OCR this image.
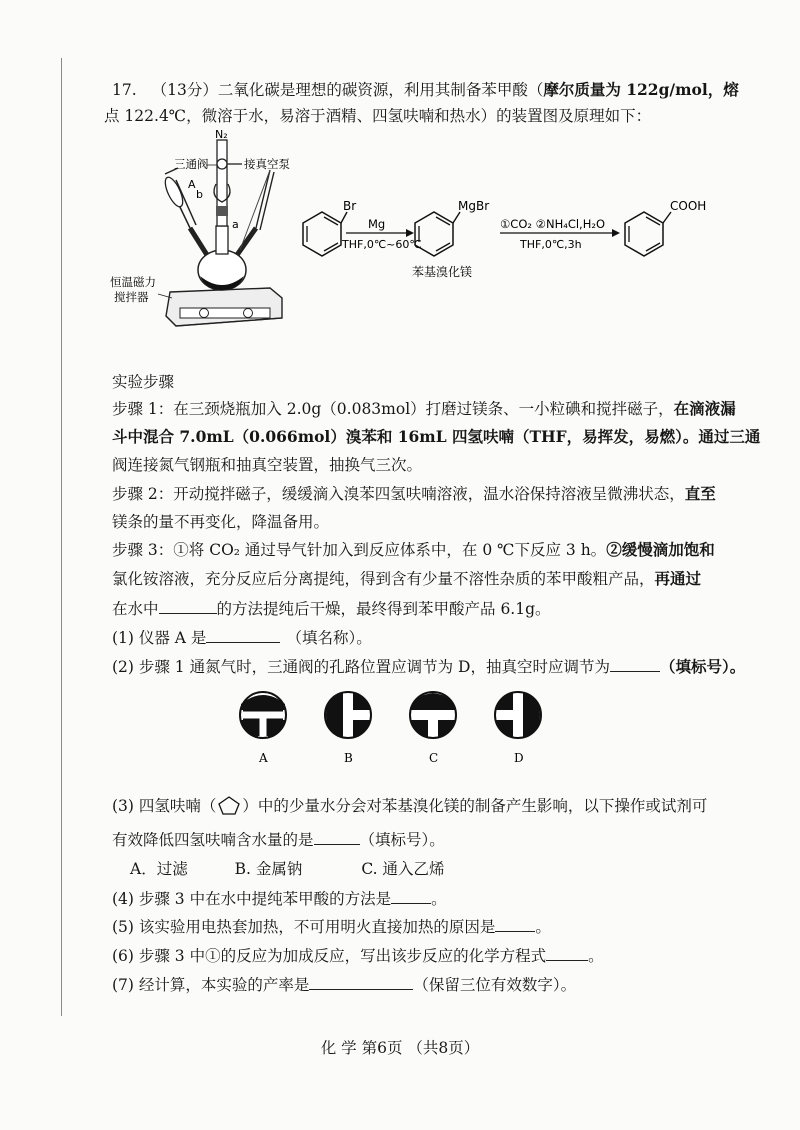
17. （13分）二氧化碳是理想的碳资源，利用其制备苯甲酸（摩尔质量为 122g/mol，熔
点 122.4℃，微溶于水，易溶于酒精、四氢呋喃和热水）的装置图及原理如下：
N₂
三通阀	接真空泵
A
b
a
恒温磁力
搅拌器
Br
Mg
THF,0℃~60℃
MgBr
苯基溴化镁
①CO₂ ②NH₄Cl,H₂O
THF,0℃,3h
COOH
实验步骤
步骤 1：在三颈烧瓶加入 2.0g（0.083mol）打磨过镁条、一小粒碘和搅拌磁子，在滴液漏
斗中混合 7.0mL（0.066mol）溴苯和 16mL 四氢呋喃（THF，易挥发，易燃）。通过三通
阀连接氮气钢瓶和抽真空装置，抽换气三次。
步骤 2：开动搅拌磁子，缓缓滴入溴苯四氢呋喃溶液，温水浴保持溶液呈微沸状态，直至
镁条的量不再变化，降温备用。
步骤 3：①将 CO₂ 通过导气针加入到反应体系中，在 0 ℃下反应 3 h。②缓慢滴加饱和
氯化铵溶液，充分反应后分离提纯，得到含有少量不溶性杂质的苯甲酸粗产品，再通过
在水中	的方法提纯后干燥，最终得到苯甲酸产品 6.1g。
(1) 仪器 A 是	（填名称）。
(2) 步骤 1 通氮气时，三通阀的孔路位置应调节为 D，抽真空时应调节为	（填标号）。
A	B	C	D
(3) 四氢呋喃（ ）中的少量水分会对苯基溴化镁的制备产生影响，以下操作或试剂可
有效降低四氢呋喃含水量的是	（填标号）。
A．过滤	B. 金属钠	C. 通入乙烯
(4) 步骤 3 中在水中提纯苯甲酸的方法是	。
(5) 该实验用电热套加热，不可用明火直接加热的原因是	。
(6) 步骤 3 中①的反应为加成反应，写出该步反应的化学方程式	。
(7) 经计算，本实验的产率是	（保留三位有效数字）。
化 学 第6页 （共8页）
